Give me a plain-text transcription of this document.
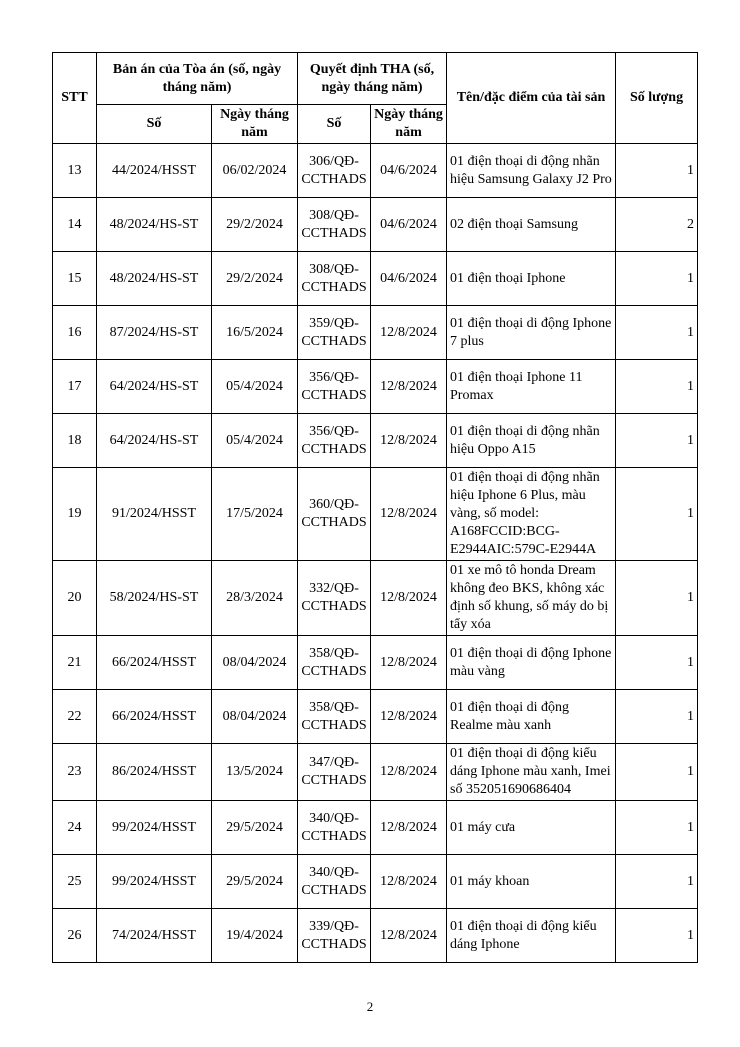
STT	Bản án của Tòa án (số, ngày tháng năm)		Quyết định THA (số, ngày tháng năm)		Tên/đặc điểm của tài sản	Số lượng
	Số	Ngày tháng năm	Số	Ngày tháng năm		
13	44/2024/HSST	06/02/2024	306/QĐ-CCTHADS	04/6/2024	01 điện thoại di động nhãn hiệu Samsung Galaxy J2 Pro	1
14	48/2024/HS-ST	29/2/2024	308/QĐ-CCTHADS	04/6/2024	02 điện thoại Samsung	2
15	48/2024/HS-ST	29/2/2024	308/QĐ-CCTHADS	04/6/2024	01 điện thoại Iphone	1
16	87/2024/HS-ST	16/5/2024	359/QĐ-CCTHADS	12/8/2024	01 điện thoại di động Iphone 7 plus	1
17	64/2024/HS-ST	05/4/2024	356/QĐ-CCTHADS	12/8/2024	01 điện thoại Iphone 11 Promax	1
18	64/2024/HS-ST	05/4/2024	356/QĐ-CCTHADS	12/8/2024	01 điện thoại di động nhãn hiệu Oppo A15	1
19	91/2024/HSST	17/5/2024	360/QĐ-CCTHADS	12/8/2024	01 điện thoại di động nhãn hiệu Iphone 6 Plus, màu vàng, số model: A168FCCID:BCG-E2944AIC:579C-E2944A	1
20	58/2024/HS-ST	28/3/2024	332/QĐ-CCTHADS	12/8/2024	01 xe mô tô honda Dream không đeo BKS, không xác định số khung, số máy do bị tẩy xóa	1
21	66/2024/HSST	08/04/2024	358/QĐ-CCTHADS	12/8/2024	01 điện thoại di động Iphone màu vàng	1
22	66/2024/HSST	08/04/2024	358/QĐ-CCTHADS	12/8/2024	01 điện thoại di động Realme màu xanh	1
23	86/2024/HSST	13/5/2024	347/QĐ-CCTHADS	12/8/2024	01 điện thoại di động kiểu dáng Iphone màu xanh, Imei số 352051690686404	1
24	99/2024/HSST	29/5/2024	340/QĐ-CCTHADS	12/8/2024	01 máy cưa	1
25	99/2024/HSST	29/5/2024	340/QĐ-CCTHADS	12/8/2024	01 máy khoan	1
26	74/2024/HSST	19/4/2024	339/QĐ-CCTHADS	12/8/2024	01 điện thoại di động kiểu dáng Iphone	1
2
